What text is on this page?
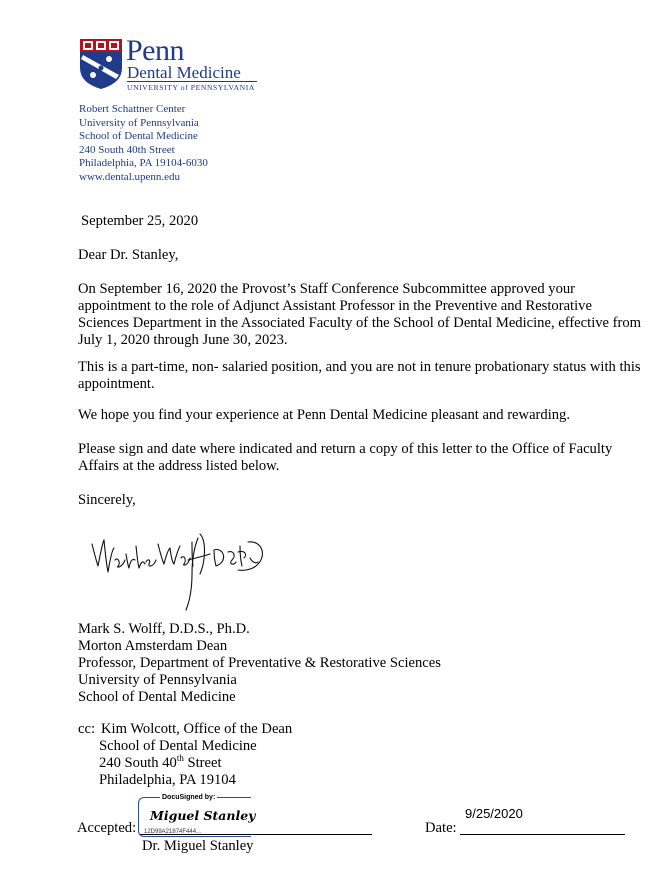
Penn
Dental Medicine
UNIVERSITY of PENNSYLVANIA
Robert Schattner Center
University of Pennsylvania
School of Dental Medicine
240 South 40th Street
Philadelphia, PA 19104-6030
www.dental.upenn.edu
September 25, 2020
Dear Dr. Stanley,
On September 16, 2020 the Provost’s Staff Conference Subcommittee approved your
appointment to the role of Adjunct Assistant Professor in the Preventive and Restorative
Sciences Department in the Associated Faculty of the School of Dental Medicine, effective from
July 1, 2020 through June 30, 2023.
This is a part-time, non- salaried position, and you are not in tenure probationary status with this
appointment.
We hope you find your experience at Penn Dental Medicine pleasant and rewarding.
Please sign and date where indicated and return a copy of this letter to the Office of Faculty
Affairs at the address listed below.
Sincerely,
Mark S. Wolff, D.D.S., Ph.D.
Morton Amsterdam Dean
Professor, Department of Preventative & Restorative Sciences
University of Pennsylvania
School of Dental Medicine
cc: Kim Wolcott, Office of the Dean
School of Dental Medicine
240 South 40th Street
Philadelphia, PA 19104
Accepted:
DocuSigned by:
Miguel Stanley
12D99A21874F444...
Dr. Miguel Stanley
Date:
9/25/2020
